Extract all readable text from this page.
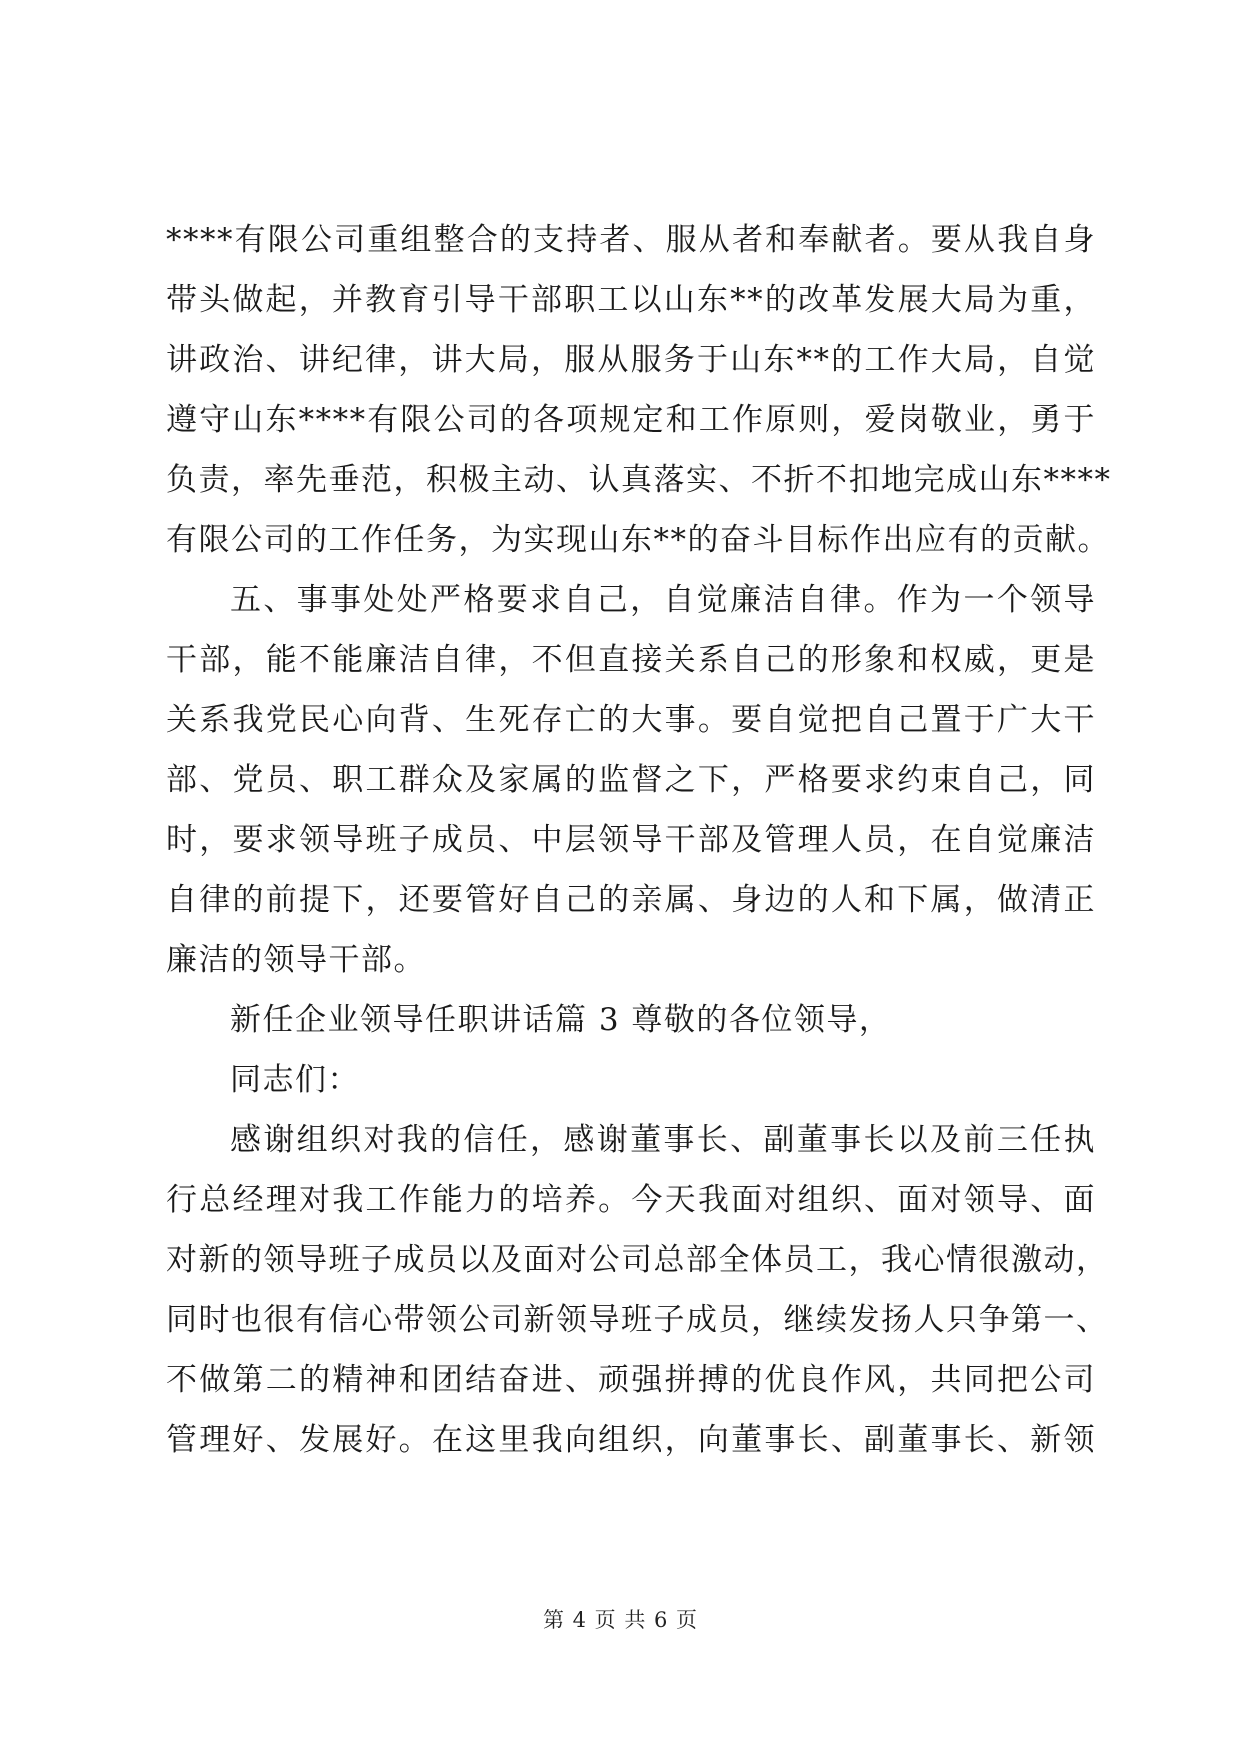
****有限公司重组整合的支持者、服从者和奉献者。要从我自身
带头做起，并教育引导干部职工以山东**的改革发展大局为重，
讲政治、讲纪律，讲大局，服从服务于山东**的工作大局，自觉
遵守山东****有限公司的各项规定和工作原则，爱岗敬业，勇于
负责，率先垂范，积极主动、认真落实、不折不扣地完成山东****
有限公司的工作任务，为实现山东**的奋斗目标作出应有的贡献。
五、事事处处严格要求自己，自觉廉洁自律。作为一个领导
干部，能不能廉洁自律，不但直接关系自己的形象和权威，更是
关系我党民心向背、生死存亡的大事。要自觉把自己置于广大干
部、党员、职工群众及家属的监督之下，严格要求约束自己，同
时，要求领导班子成员、中层领导干部及管理人员，在自觉廉洁
自律的前提下，还要管好自己的亲属、身边的人和下属，做清正
廉洁的领导干部。
新任企业领导任职讲话篇 3 尊敬的各位领导，
同志们：
感谢组织对我的信任，感谢董事长、副董事长以及前三任执
行总经理对我工作能力的培养。今天我面对组织、面对领导、面
对新的领导班子成员以及面对公司总部全体员工，我心情很激动，
同时也很有信心带领公司新领导班子成员，继续发扬人只争第一、
不做第二的精神和团结奋进、顽强拼搏的优良作风，共同把公司
管理好、发展好。在这里我向组织，向董事长、副董事长、新领
第 4 页 共 6 页
